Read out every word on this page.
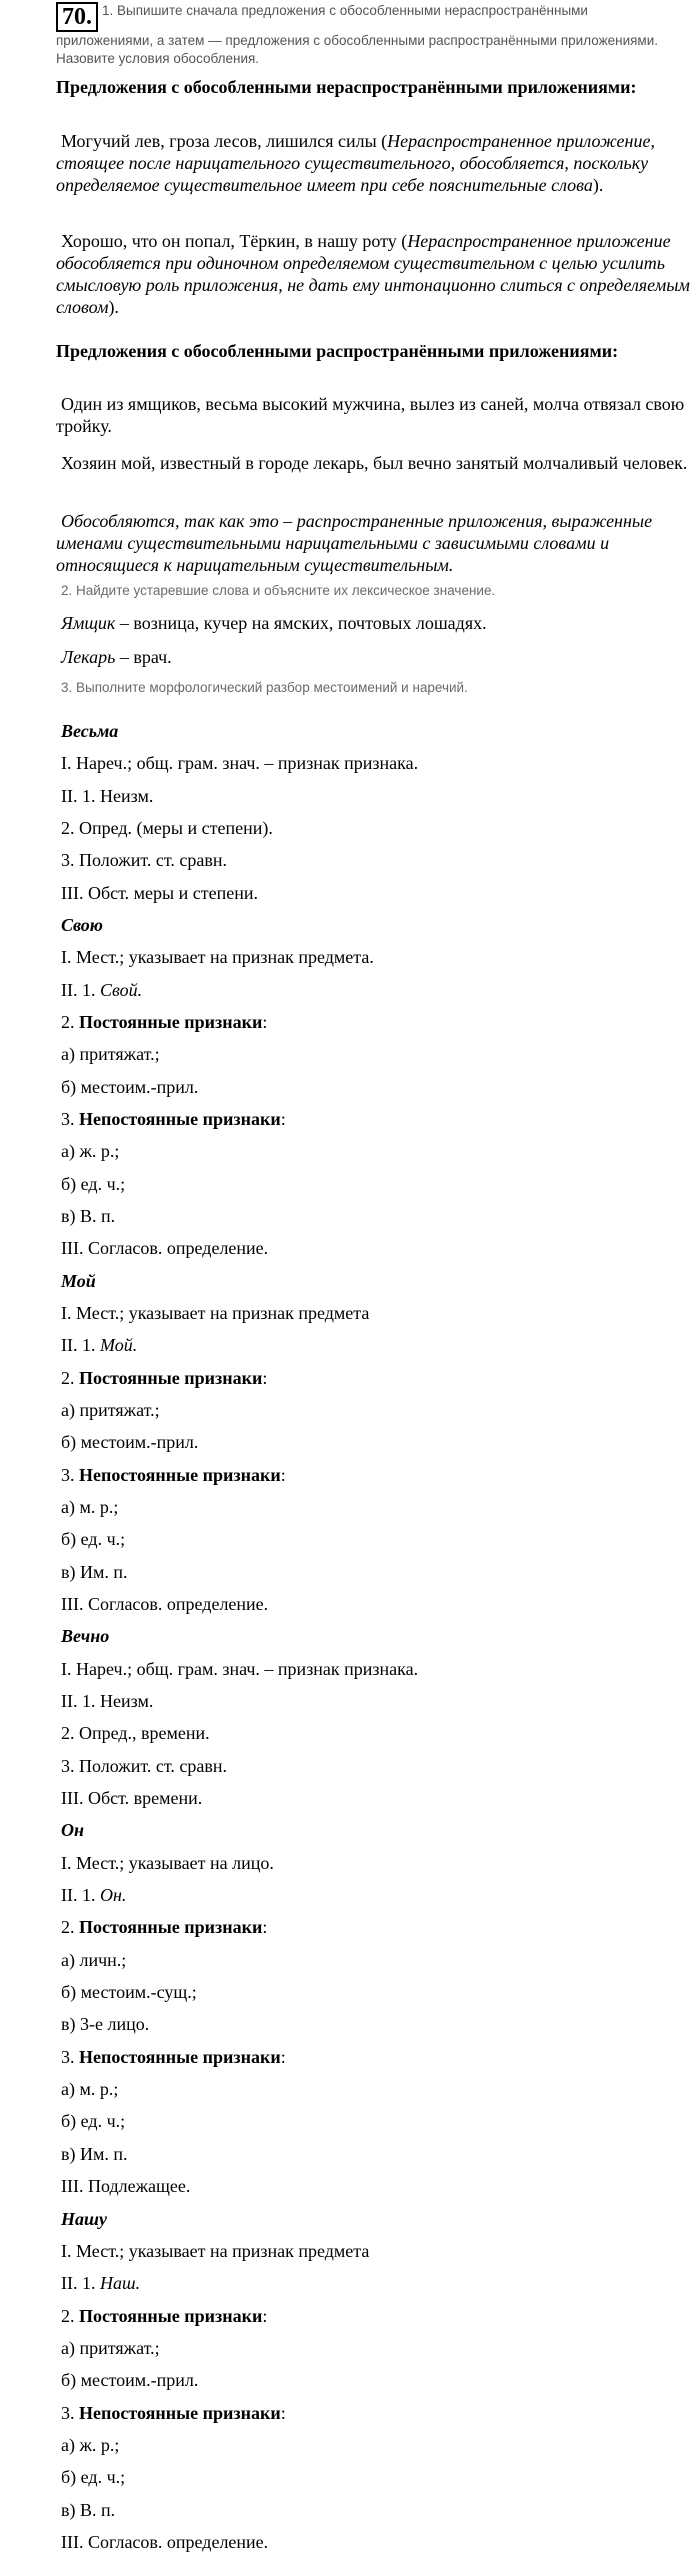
70. 1. Выпишите сначала предложения с обособленными нераспространёнными приложениями, а затем — предложения с обособленными распространёнными приложениями. Назовите условия обособления.
Предложения с обособленными нераспространёнными приложениями:
Могучий лев, гроза лесов, лишился силы (Нераспространенное приложение, стоящее после нарицательного существительного, обособляется, поскольку определяемое существительное имеет при себе пояснительные слова).
Хорошо, что он попал, Тёркин, в нашу роту (Нераспространенное приложение обособляется при одиночном определяемом существительном с целью усилить смысловую роль приложения, не дать ему интонационно слиться с определяемым словом).
Предложения с обособленными распространёнными приложениями:
Один из ямщиков, весьма высокий мужчина, вылез из саней, молча отвязал свою тройку.
Хозяин мой, известный в городе лекарь, был вечно занятый молчаливый человек.
Обособляются, так как это – распространенные приложения, выраженные именами существительными нарицательными с зависимыми словами и относящиеся к нарицательным существительным.
2. Найдите устаревшие слова и объясните их лексическое значение.
Ямщик – возница, кучер на ямских, почтовых лошадях.
Лекарь – врач.
3. Выполните морфологический разбор местоимений и наречий.
Весьма
I. Нареч.; общ. грам. знач. – признак признака.
II. 1. Неизм.
2. Опред. (меры и степени).
3. Положит. ст. сравн.
III. Обст. меры и степени.
Свою
I. Мест.; указывает на признак предмета.
II. 1. Свой.
2. Постоянные признаки:
а) притяжат.;
б) местоим.-прил.
3. Непостоянные признаки:
а) ж. р.;
б) ед. ч.;
в) В. п.
III. Согласов. определение.
Мой
I. Мест.; указывает на признак предмета
II. 1. Мой.
2. Постоянные признаки:
а) притяжат.;
б) местоим.-прил.
3. Непостоянные признаки:
а) м. р.;
б) ед. ч.;
в) Им. п.
III. Согласов. определение.
Вечно
I. Нареч.; общ. грам. знач. – признак признака.
II. 1. Неизм.
2. Опред., времени.
3. Положит. ст. сравн.
III. Обст. времени.
Он
I. Мест.; указывает на лицо.
II. 1. Он.
2. Постоянные признаки:
а) личн.;
б) местоим.-сущ.;
в) 3-е лицо.
3. Непостоянные признаки:
а) м. р.;
б) ед. ч.;
в) Им. п.
III. Подлежащее.
Нашу
I. Мест.; указывает на признак предмета
II. 1. Наш.
2. Постоянные признаки:
а) притяжат.;
б) местоим.-прил.
3. Непостоянные признаки:
а) ж. р.;
б) ед. ч.;
в) В. п.
III. Согласов. определение.
